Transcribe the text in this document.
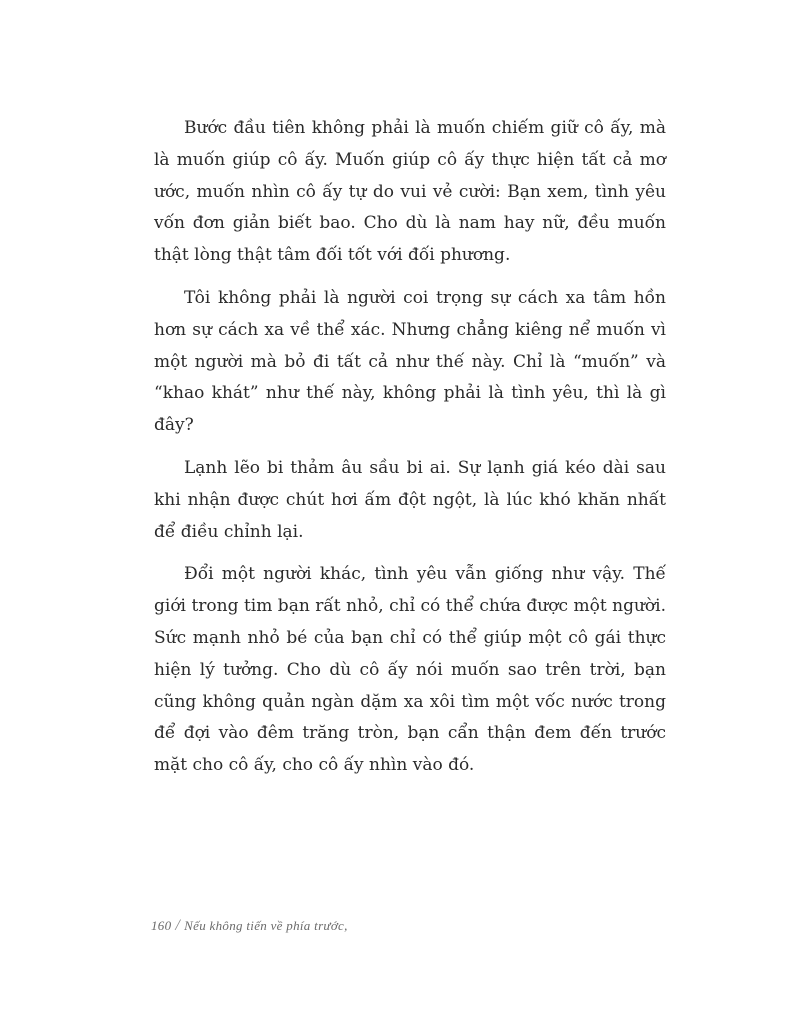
Bước đầu tiên không phải là muốn chiếm giữ cô ấy, mà là muốn giúp cô ấy. Muốn giúp cô ấy thực hiện tất cả mơ ước, muốn nhìn cô ấy tự do vui vẻ cười: Bạn xem, tình yêu vốn đơn giản biết bao. Cho dù là nam hay nữ, đều muốn thật lòng thật tâm đối tốt với đối phương.

Tôi không phải là người coi trọng sự cách xa tâm hồn hơn sự cách xa về thể xác. Nhưng chẳng kiêng nể muốn vì một người mà bỏ đi tất cả như thế này. Chỉ là “muốn” và “khao khát” như thế này, không phải là tình yêu, thì là gì đây?

Lạnh lẽo bi thảm âu sầu bi ai. Sự lạnh giá kéo dài sau khi nhận được chút hơi ấm đột ngột, là lúc khó khăn nhất để điều chỉnh lại.

Đổi một người khác, tình yêu vẫn giống như vậy. Thế giới trong tim bạn rất nhỏ, chỉ có thể chứa được một người. Sức mạnh nhỏ bé của bạn chỉ có thể giúp một cô gái thực hiện lý tưởng. Cho dù cô ấy nói muốn sao trên trời, bạn cũng không quản ngàn dặm xa xôi tìm một vốc nước trong để đợi vào đêm trăng tròn, bạn cẩn thận đem đến trước mặt cho cô ấy, cho cô ấy nhìn vào đó.

160 / Nếu không tiến về phía trước,
